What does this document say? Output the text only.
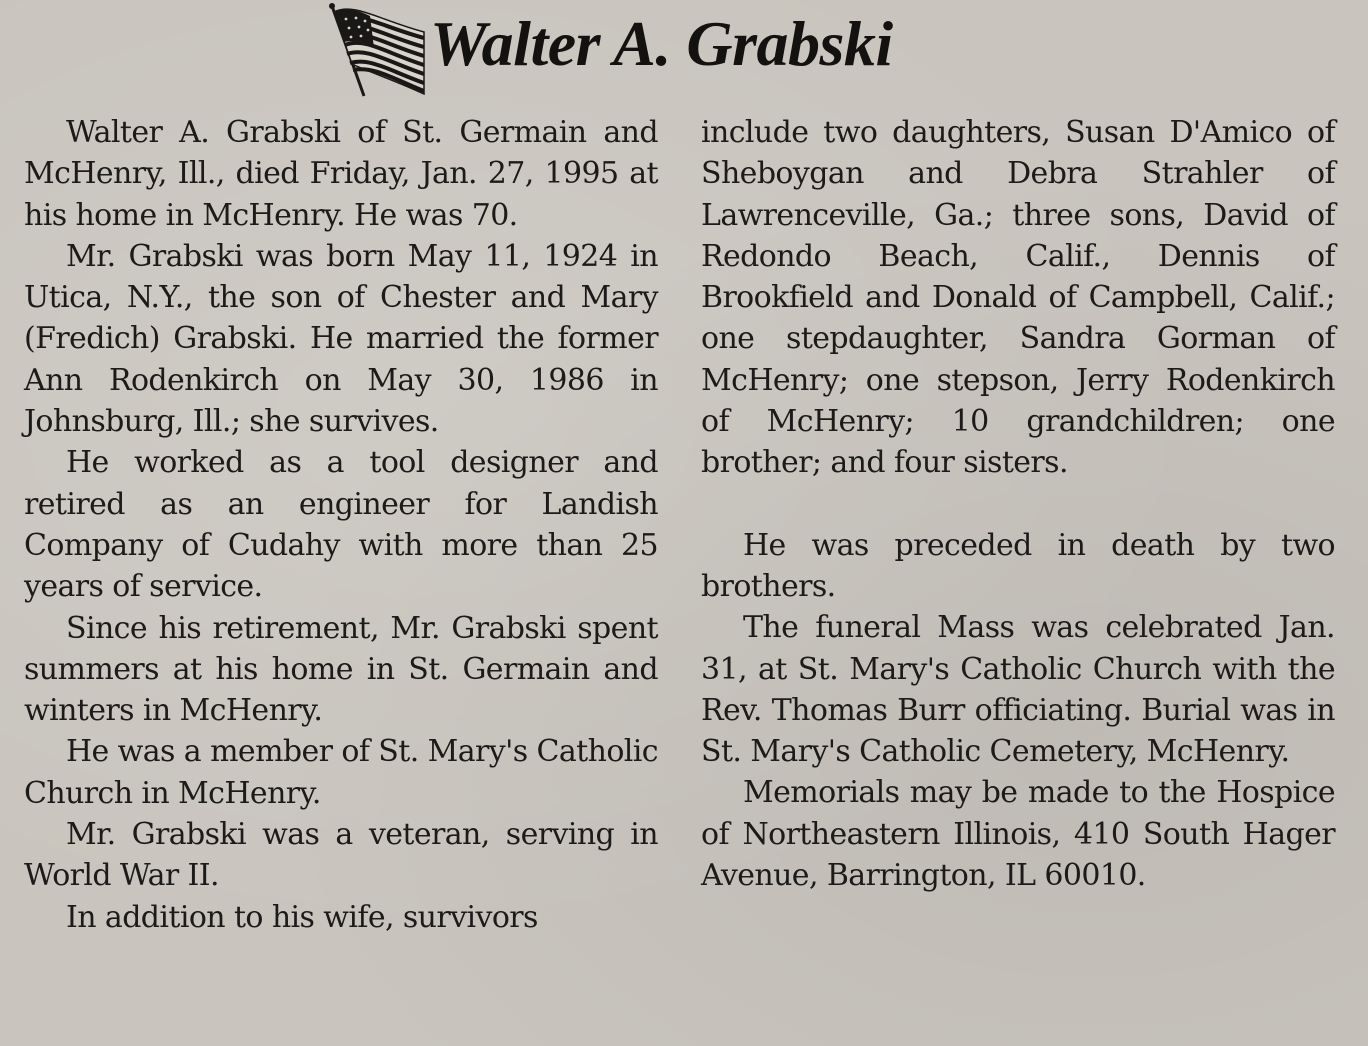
Walter A. Grabski

Walter A. Grabski of St. Germain and McHenry, Ill., died Friday, Jan. 27, 1995 at his home in McHenry. He was 70.

Mr. Grabski was born May 11, 1924 in Utica, N.Y., the son of Chester and Mary (Fredich) Grabski. He married the former Ann Rodenkirch on May 30, 1986 in Johnsburg, Ill.; she survives.

He worked as a tool designer and retired as an engineer for Landish Company of Cudahy with more than 25 years of service.

Since his retirement, Mr. Grabski spent summers at his home in St. Germain and winters in McHenry.

He was a member of St. Mary's Catholic Church in McHenry.

Mr. Grabski was a veteran, serving in World War II.

In addition to his wife, survivors

include two daughters, Susan D'Amico of Sheboygan and Debra Strahler of Lawrenceville, Ga.; three sons, David of Redondo Beach, Calif., Dennis of Brookfield and Donald of Campbell, Calif.; one stepdaughter, Sandra Gorman of McHenry; one stepson, Jerry Rodenkirch of McHenry; 10 grandchildren; one brother; and four sisters.

He was preceded in death by two brothers.

The funeral Mass was celebrated Jan. 31, at St. Mary's Catholic Church with the Rev. Thomas Burr officiating. Burial was in St. Mary's Catholic Cemetery, McHenry.

Memorials may be made to the Hospice of Northeastern Illinois, 410 South Hager Avenue, Barrington, IL 60010.
